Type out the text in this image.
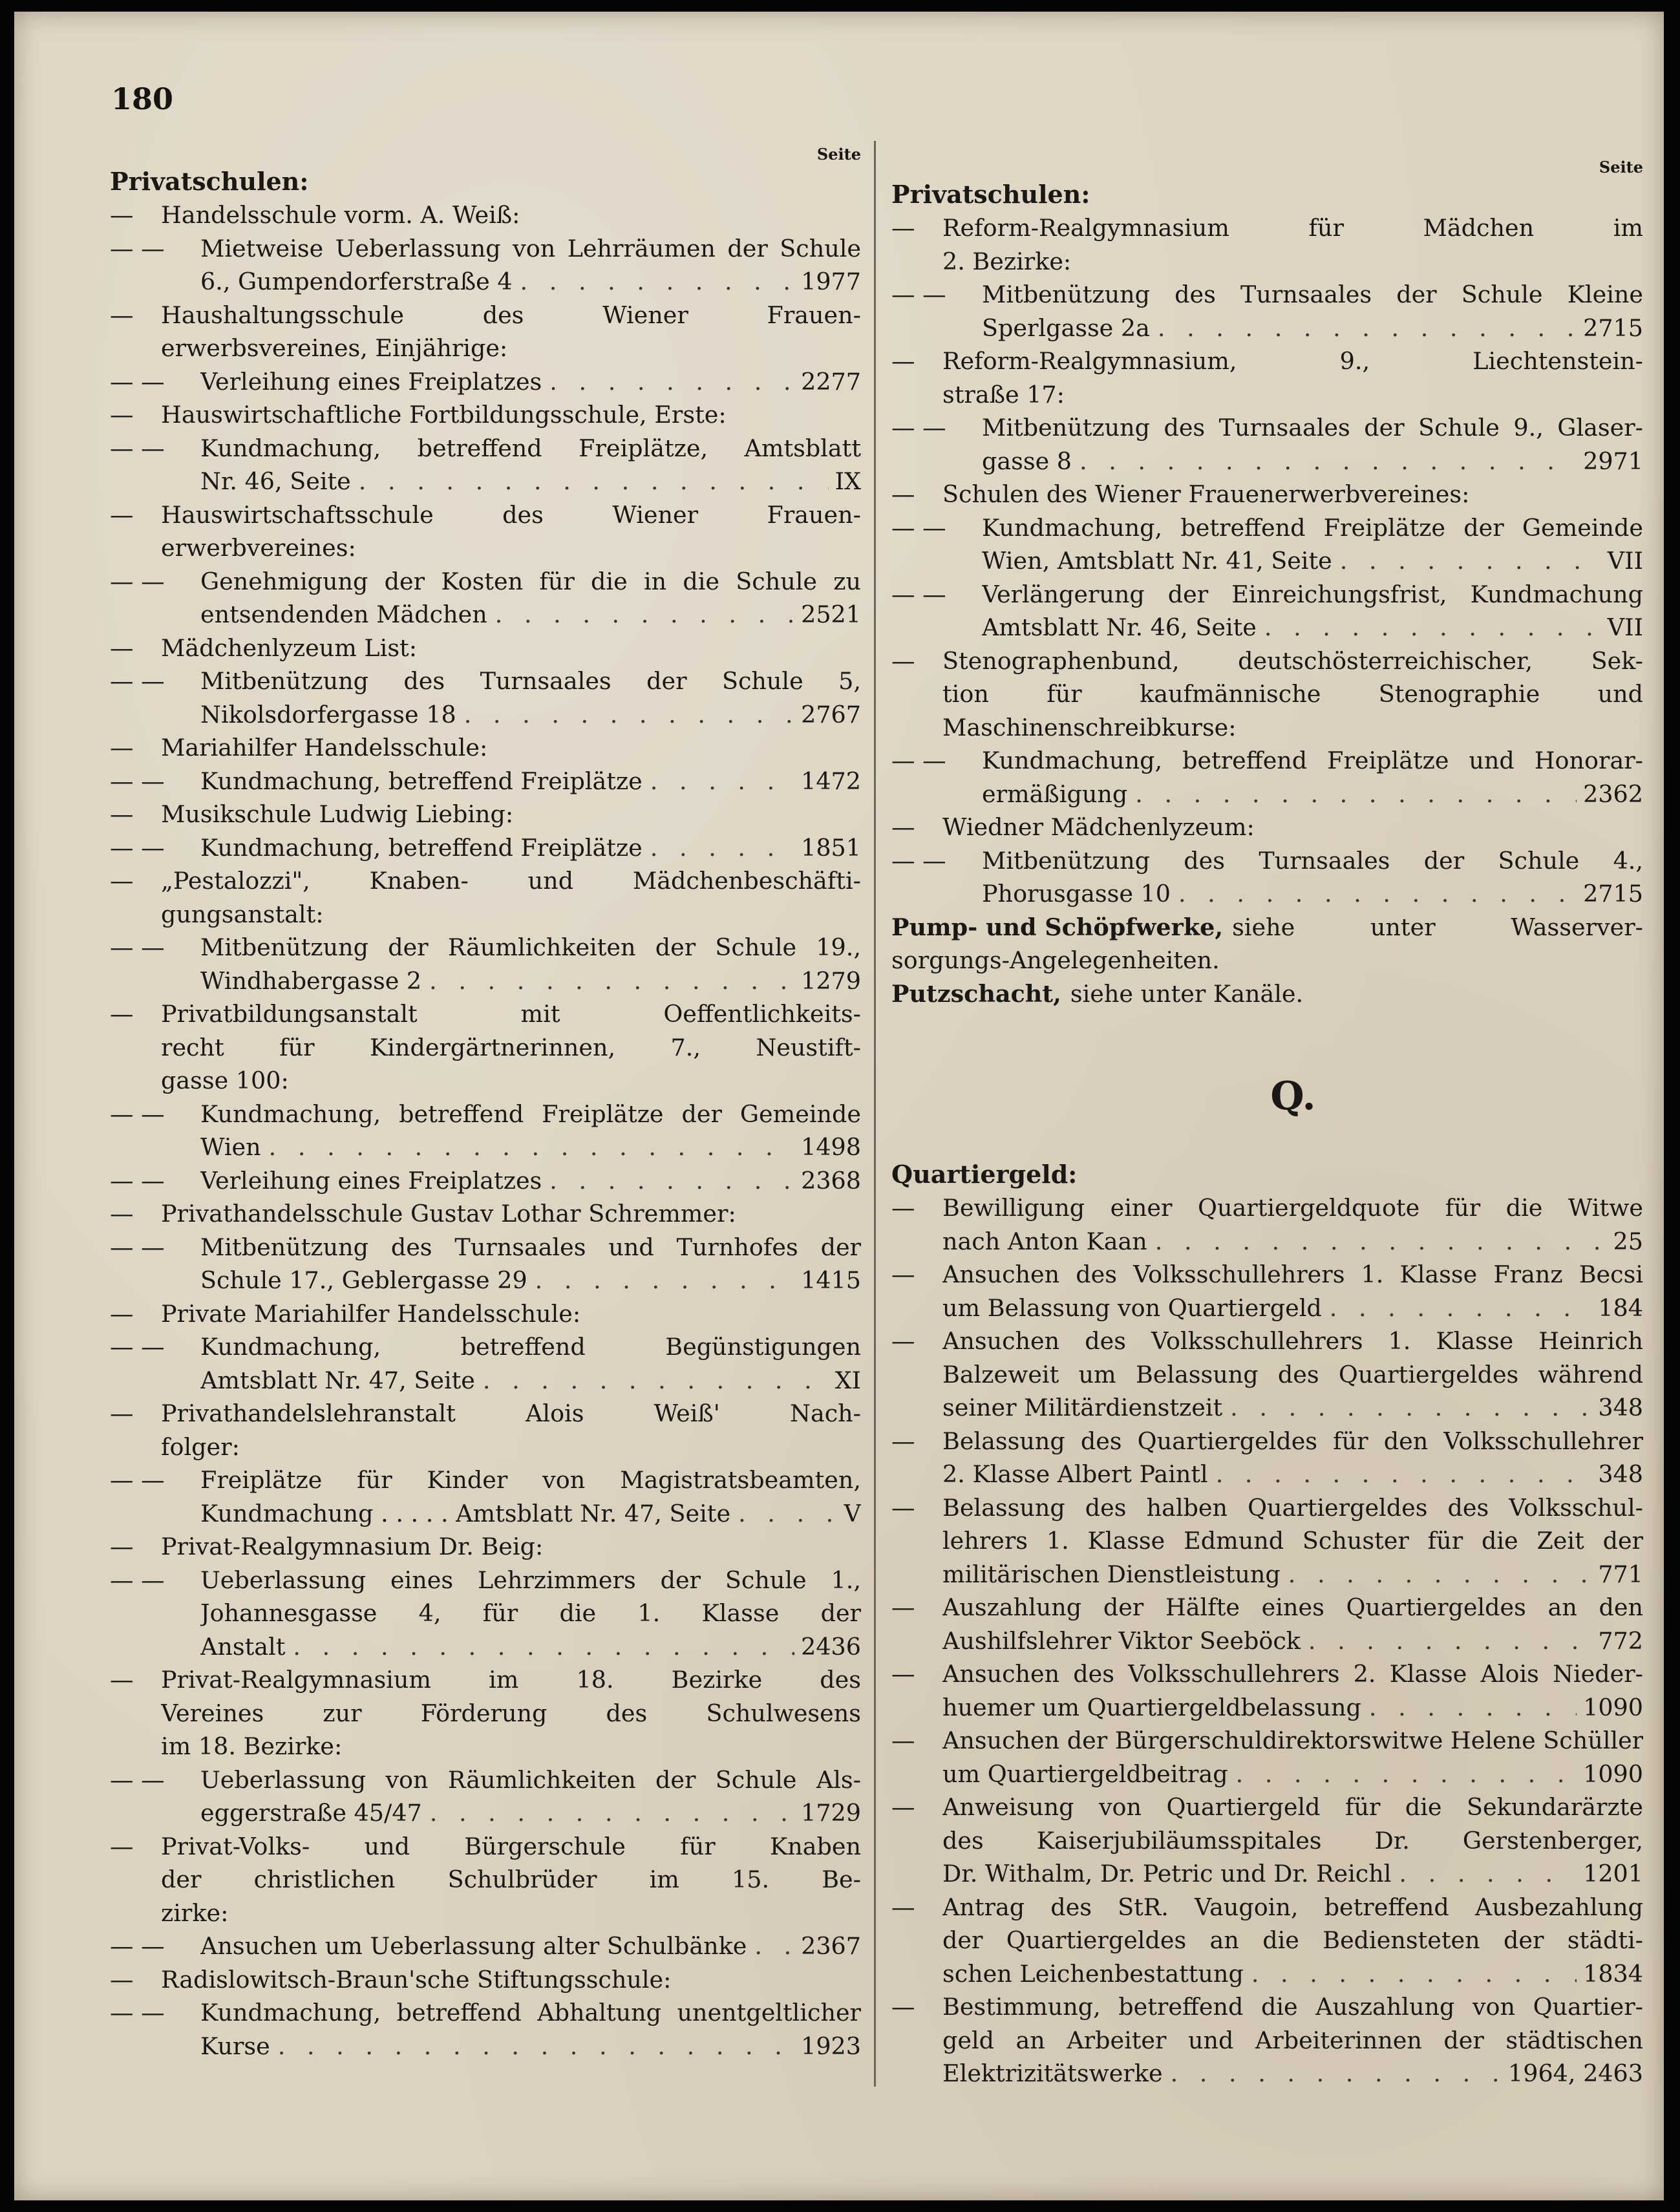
180
Seite
Privatschulen:
—	Handelsschule vorm. A. Weiß:
— —	Mietweise Ueberlassung von Lehrräumen der Schule
6., Gumpendorferstraße 4 . . .	1977
—	Haushaltungsschule des Wiener Frauen-
erwerbsvereines, Einjährige:
— —	Verleihung eines Freiplatzes . . .	2277
—	Hauswirtschaftliche Fortbildungsschule, Erste:
— —	Kundmachung, betreffend Freiplätze, Amtsblatt
Nr. 46, Seite . . .	IX
—	Hauswirtschaftsschule des Wiener Frauen-
erwerbvereines:
— —	Genehmigung der Kosten für die in die Schule zu
entsendenden Mädchen . . .	2521
—	Mädchenlyzeum List:
— —	Mitbenützung des Turnsaales der Schule 5,
Nikolsdorfergasse 18 . . .	2767
—	Mariahilfer Handelsschule:
— —	Kundmachung, betreffend Freiplätze . . .	1472
—	Musikschule Ludwig Liebing:
— —	Kundmachung, betreffend Freiplätze . . .	1851
—	„Pestalozzi", Knaben- und Mädchenbeschäfti-
gungsanstalt:
— —	Mitbenützung der Räumlichkeiten der Schule 19.,
Windhabergasse 2 . . .	1279
—	Privatbildungsanstalt mit Oeffentlichkeits-
recht für Kindergärtnerinnen, 7., Neustift-
gasse 100:
— —	Kundmachung, betreffend Freiplätze der Gemeinde
Wien . . .	1498
— —	Verleihung eines Freiplatzes . . .	2368
—	Privathandelsschule Gustav Lothar Schremmer:
— —	Mitbenützung des Turnsaales und Turnhofes der
Schule 17., Geblergasse 29 . . .	1415
—	Private Mariahilfer Handelsschule:
— —	Kundmachung, betreffend Begünstigungen
Amtsblatt Nr. 47, Seite . . .	XI
—	Privathandelslehranstalt Alois Weiß' Nach-
folger:
— —	Freiplätze für Kinder von Magistratsbeamten,
Kundmachung . . . . . Amtsblatt Nr. 47, Seite . . .	V
—	Privat-Realgymnasium Dr. Beig:
— —	Ueberlassung eines Lehrzimmers der Schule 1.,
Johannesgasse 4, für die 1. Klasse der
Anstalt . . .	2436
—	Privat-Realgymnasium im 18. Bezirke des
Vereines zur Förderung des Schulwesens
im 18. Bezirke:
— —	Ueberlassung von Räumlichkeiten der Schule Als-
eggerstraße 45/47 . . .	1729
—	Privat-Volks- und Bürgerschule für Knaben
der christlichen Schulbrüder im 15. Be-
zirke:
— —	Ansuchen um Ueberlassung alter Schulbänke . . . 2367
—	Radislowitsch-Braun'sche Stiftungsschule:
— —	Kundmachung, betreffend Abhaltung unentgeltlicher
Kurse . . .	1923
Seite
Privatschulen:
—	Reform-Realgymnasium für Mädchen im
2. Bezirke:
— —	Mitbenützung des Turnsaales der Schule Kleine
Sperlgasse 2a . . .	2715
—	Reform-Realgymnasium, 9., Liechtenstein-
straße 17:
— —	Mitbenützung des Turnsaales der Schule 9., Glaser-
gasse 8 . . .	2971
—	Schulen des Wiener Frauenerwerbvereines:
— —	Kundmachung, betreffend Freiplätze der Gemeinde
Wien, Amtsblatt Nr. 41, Seite . . .	VII
— —	Verlängerung der Einreichungsfrist, Kundmachung
Amtsblatt Nr. 46, Seite . . .	VII
—	Stenographenbund, deutschösterreichischer, Sek-
tion für kaufmännische Stenographie und
Maschinenschreibkurse:
— —	Kundmachung, betreffend Freiplätze und Honorar-
ermäßigung . . .	2362
—	Wiedner Mädchenlyzeum:
— —	Mitbenützung des Turnsaales der Schule 4.,
Phorusgasse 10 . . .	2715
Pump- und Schöpfwerke, siehe unter Wasserver-
sorgungs-Angelegenheiten.
Putzschacht, siehe unter Kanäle.
Q.
Quartiergeld:
—	Bewilligung einer Quartiergeldquote für die Witwe
nach Anton Kaan . . .	25
—	Ansuchen des Volksschullehrers 1. Klasse Franz Becsi
um Belassung von Quartiergeld . . .	184
—	Ansuchen des Volksschullehrers 1. Klasse Heinrich
Balzeweit um Belassung des Quartiergeldes während
seiner Militärdienstzeit . . .	348
—	Belassung des Quartiergeldes für den Volksschullehrer
2. Klasse Albert Paintl . . .	348
—	Belassung des halben Quartiergeldes des Volksschul-
lehrers 1. Klasse Edmund Schuster für die Zeit der
militärischen Dienstleistung . . .	771
—	Auszahlung der Hälfte eines Quartiergeldes an den
Aushilfslehrer Viktor Seeböck . . .	772
—	Ansuchen des Volksschullehrers 2. Klasse Alois Nieder-
huemer um Quartiergeldbelassung . . .	1090
—	Ansuchen der Bürgerschuldirektorswitwe Helene Schüller
um Quartiergeldbeitrag . . .	1090
—	Anweisung von Quartiergeld für die Sekundarärzte
des Kaiserjubiläumsspitales Dr. Gerstenberger,
Dr. Withalm, Dr. Petric und Dr. Reichl . . .	1201
—	Antrag des StR. Vaugoin, betreffend Ausbezahlung
der Quartiergeldes an die Bediensteten der städti-
schen Leichenbestattung . . .	1834
—	Bestimmung, betreffend die Auszahlung von Quartier-
geld an Arbeiter und Arbeiterinnen der städtischen
Elektrizitätswerke . . .	1964, 2463
